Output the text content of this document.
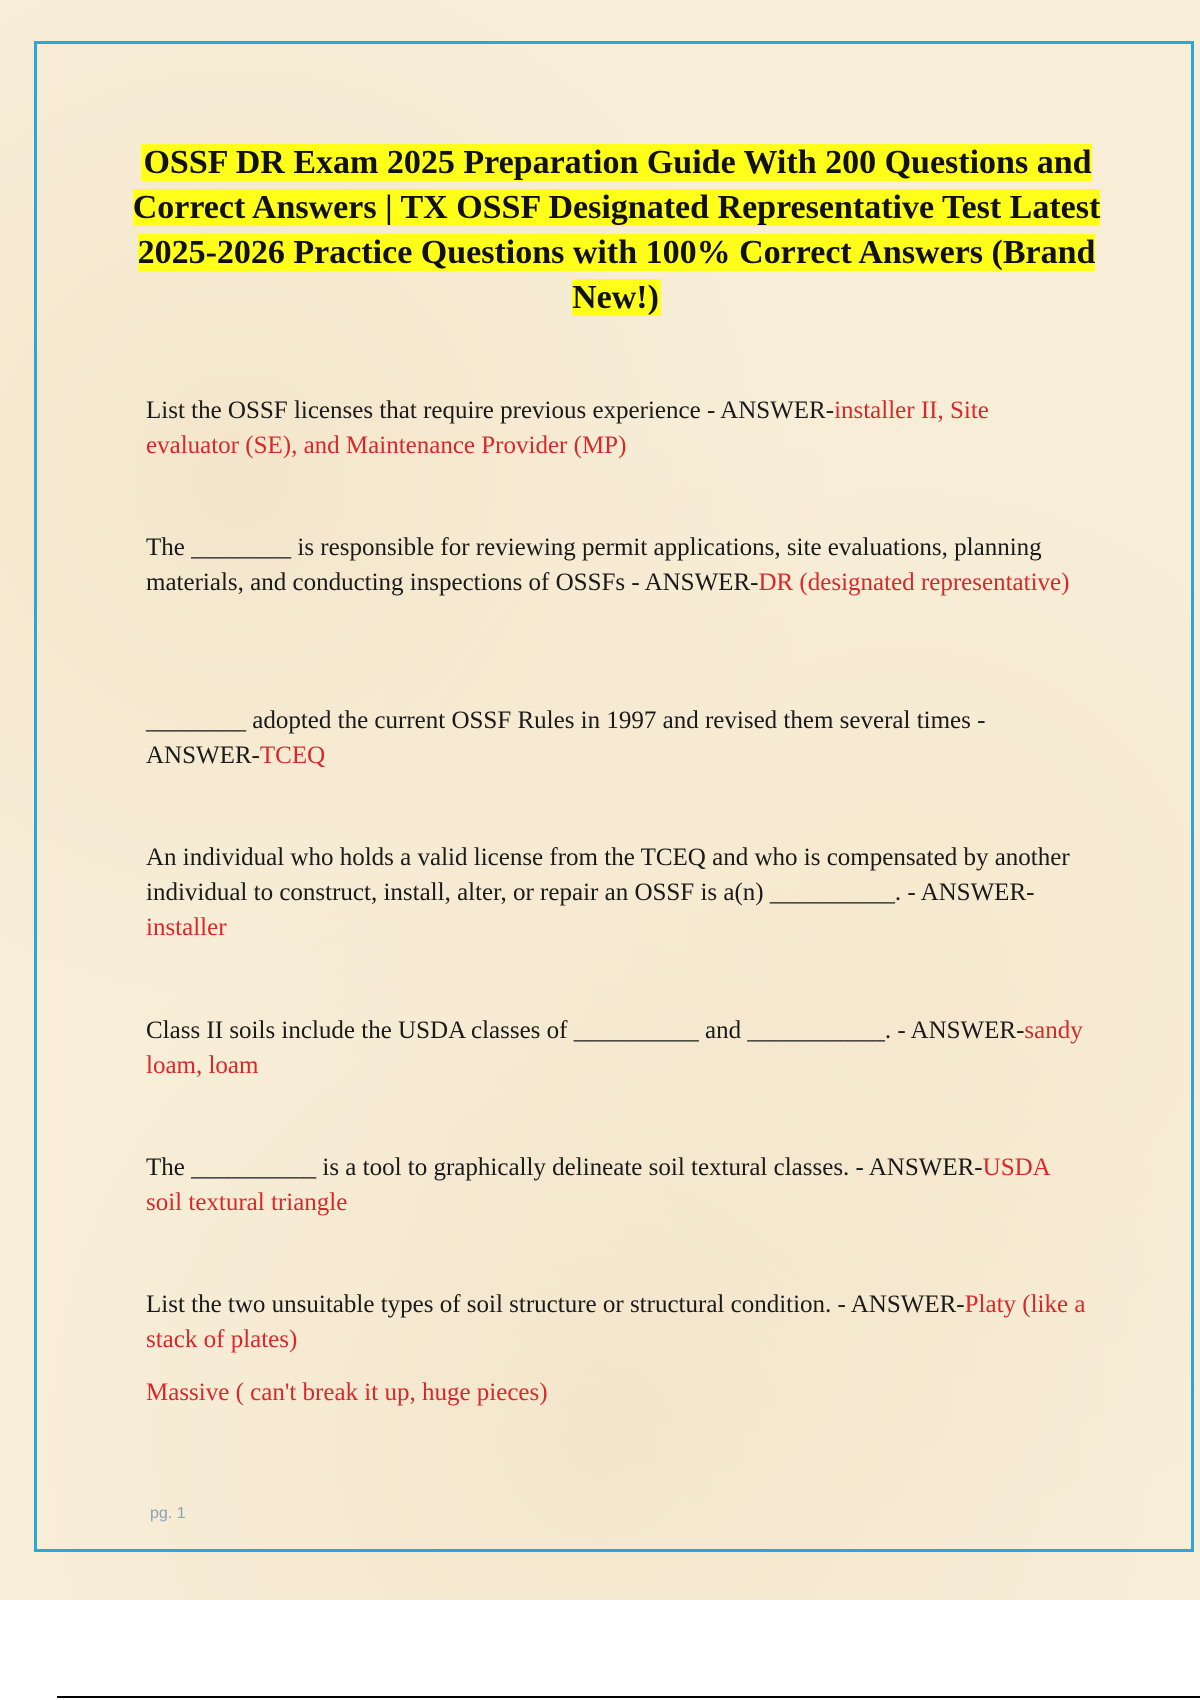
OSSF DR Exam 2025 Preparation Guide With 200 Questions and Correct Answers | TX OSSF Designated Representative Test Latest 2025-2026 Practice Questions with 100% Correct Answers (Brand New!)
List the OSSF licenses that require previous experience - ANSWER-installer II, Site evaluator (SE), and Maintenance Provider (MP)
The ________ is responsible for reviewing permit applications, site evaluations, planning materials, and conducting inspections of OSSFs - ANSWER-DR (designated representative)
________ adopted the current OSSF Rules in 1997 and revised them several times - ANSWER-TCEQ
An individual who holds a valid license from the TCEQ and who is compensated by another individual to construct, install, alter, or repair an OSSF is a(n) __________. - ANSWER-installer
Class II soils include the USDA classes of __________ and ___________. - ANSWER-sandy loam, loam
The __________ is a tool to graphically delineate soil textural classes. - ANSWER-USDA soil textural triangle
List the two unsuitable types of soil structure or structural condition. - ANSWER-Platy (like a stack of plates)
Massive ( can't break it up, huge pieces)
pg. 1
